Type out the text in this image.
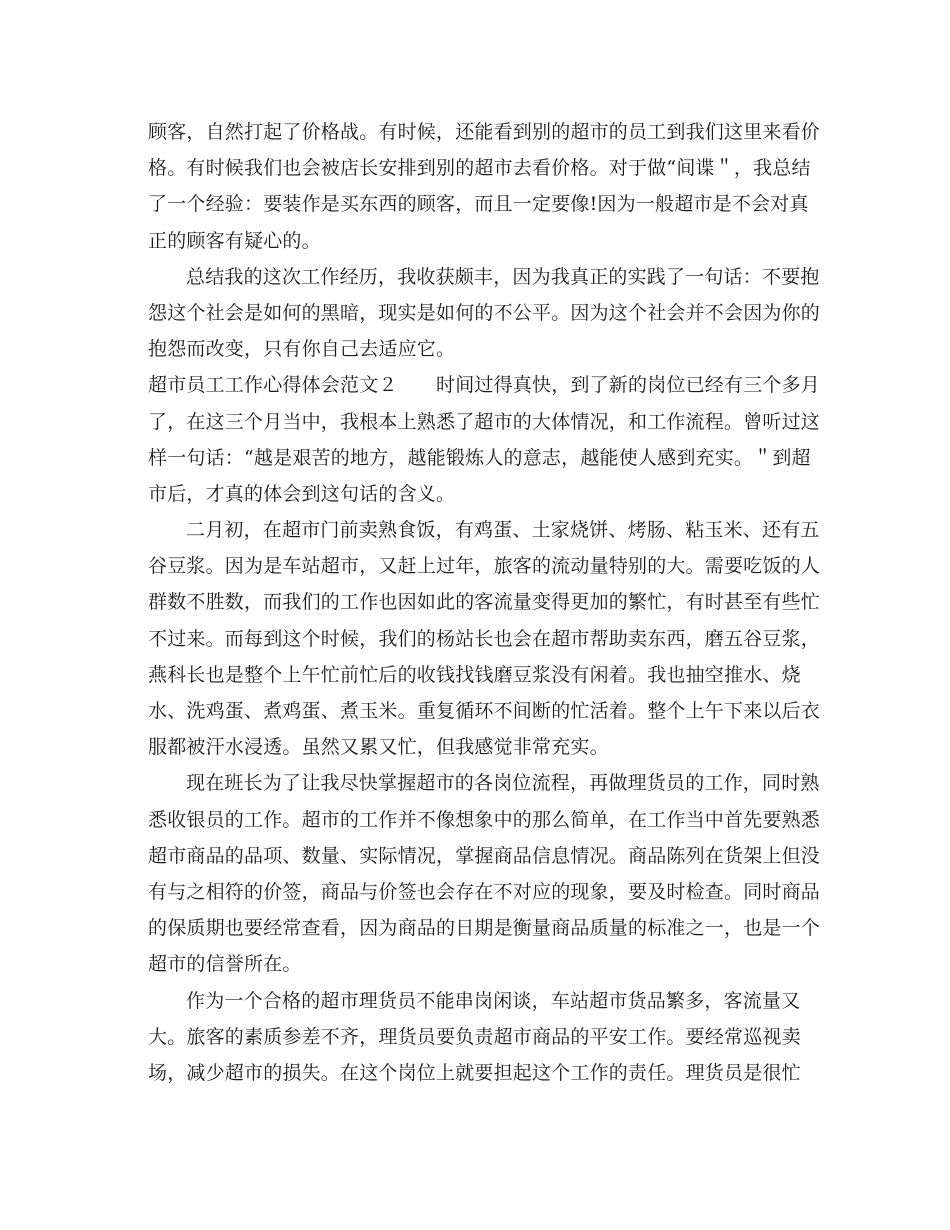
顾客，自然打起了价格战。有时候，还能看到别的超市的员工到我们这里来看价
格。有时候我们也会被店长安排到别的超市去看价格。对于做“间谍＂，我总结
了一个经验：要装作是买东西的顾客，而且一定要像!因为一般超市是不会对真
正的顾客有疑心的。
总结我的这次工作经历，我收获颇丰，因为我真正的实践了一句话：不要抱
怨这个社会是如何的黑暗，现实是如何的不公平。因为这个社会并不会因为你的
抱怨而改变，只有你自己去适应它。
超市员工工作心得体会范文２　　时间过得真快，到了新的岗位已经有三个多月
了，在这三个月当中，我根本上熟悉了超市的大体情况，和工作流程。曾听过这
样一句话：“越是艰苦的地方，越能锻炼人的意志，越能使人感到充实。＂到超
市后，才真的体会到这句话的含义。
二月初，在超市门前卖熟食饭，有鸡蛋、土家烧饼、烤肠、粘玉米、还有五
谷豆浆。因为是车站超市，又赶上过年，旅客的流动量特别的大。需要吃饭的人
群数不胜数，而我们的工作也因如此的客流量变得更加的繁忙，有时甚至有些忙
不过来。而每到这个时候，我们的杨站长也会在超市帮助卖东西，磨五谷豆浆，
燕科长也是整个上午忙前忙后的收钱找钱磨豆浆没有闲着。我也抽空推水、烧
水、洗鸡蛋、煮鸡蛋、煮玉米。重复循环不间断的忙活着。整个上午下来以后衣
服都被汗水浸透。虽然又累又忙，但我感觉非常充实。
现在班长为了让我尽快掌握超市的各岗位流程，再做理货员的工作，同时熟
悉收银员的工作。超市的工作并不像想象中的那么简单，在工作当中首先要熟悉
超市商品的品项、数量、实际情况，掌握商品信息情况。商品陈列在货架上但没
有与之相符的价签，商品与价签也会存在不对应的现象，要及时检查。同时商品
的保质期也要经常查看，因为商品的日期是衡量商品质量的标准之一，也是一个
超市的信誉所在。
作为一个合格的超市理货员不能串岗闲谈，车站超市货品繁多，客流量又
大。旅客的素质参差不齐，理货员要负责超市商品的平安工作。要经常巡视卖
场，减少超市的损失。在这个岗位上就要担起这个工作的责任。理货员是很忙
